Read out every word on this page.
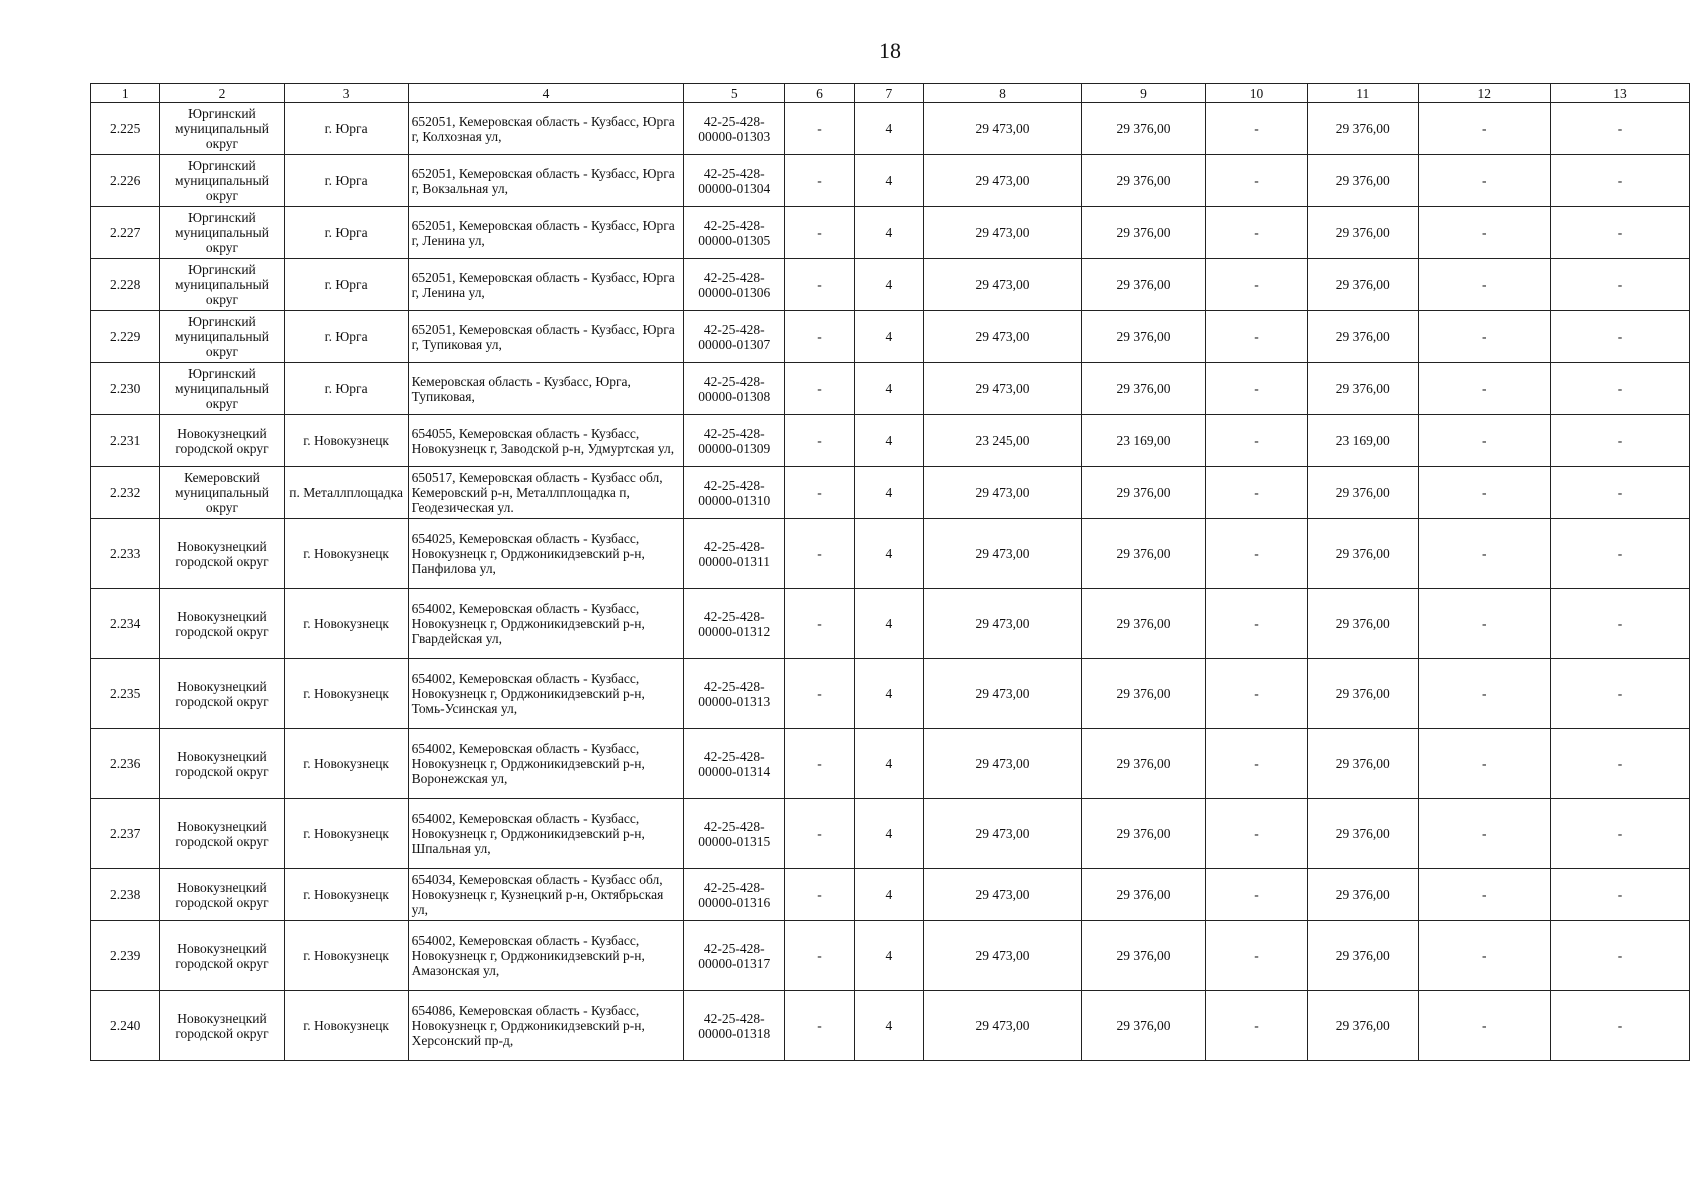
18
1	2	3	4	5	6	7	8	9	10	11	12	13
2.225	Юргинский муниципальный округ	г. Юрга	652051, Кемеровская область - Кузбасс, Юрга г, Колхозная ул,	42-25-428-00000-01303	-	4	29 473,00	29 376,00	-	29 376,00	-	-
2.226	Юргинский муниципальный округ	г. Юрга	652051, Кемеровская область - Кузбасс, Юрга г, Вокзальная ул,	42-25-428-00000-01304	-	4	29 473,00	29 376,00	-	29 376,00	-	-
2.227	Юргинский муниципальный округ	г. Юрга	652051, Кемеровская область - Кузбасс, Юрга г, Ленина ул,	42-25-428-00000-01305	-	4	29 473,00	29 376,00	-	29 376,00	-	-
2.228	Юргинский муниципальный округ	г. Юрга	652051, Кемеровская область - Кузбасс, Юрга г, Ленина ул,	42-25-428-00000-01306	-	4	29 473,00	29 376,00	-	29 376,00	-	-
2.229	Юргинский муниципальный округ	г. Юрга	652051, Кемеровская область - Кузбасс, Юрга г, Тупиковая ул,	42-25-428-00000-01307	-	4	29 473,00	29 376,00	-	29 376,00	-	-
2.230	Юргинский муниципальный округ	г. Юрга	Кемеровская область - Кузбасс, Юрга, Тупиковая,	42-25-428-00000-01308	-	4	29 473,00	29 376,00	-	29 376,00	-	-
2.231	Новокузнецкий городской округ	г. Новокузнецк	654055, Кемеровская область - Кузбасс, Новокузнецк г, Заводской р-н, Удмуртская ул,	42-25-428-00000-01309	-	4	23 245,00	23 169,00	-	23 169,00	-	-
2.232	Кемеровский муниципальный округ	п. Металлплощадка	650517, Кемеровская область - Кузбасс обл, Кемеровский р-н, Металлплощадка п, Геодезическая ул.	42-25-428-00000-01310	-	4	29 473,00	29 376,00	-	29 376,00	-	-
2.233	Новокузнецкий городской округ	г. Новокузнецк	654025, Кемеровская область - Кузбасс, Новокузнецк г, Орджоникидзевский р-н, Панфилова ул,	42-25-428-00000-01311	-	4	29 473,00	29 376,00	-	29 376,00	-	-
2.234	Новокузнецкий городской округ	г. Новокузнецк	654002, Кемеровская область - Кузбасс, Новокузнецк г, Орджоникидзевский р-н, Гвардейская ул,	42-25-428-00000-01312	-	4	29 473,00	29 376,00	-	29 376,00	-	-
2.235	Новокузнецкий городской округ	г. Новокузнецк	654002, Кемеровская область - Кузбасс, Новокузнецк г, Орджоникидзевский р-н, Томь-Усинская ул,	42-25-428-00000-01313	-	4	29 473,00	29 376,00	-	29 376,00	-	-
2.236	Новокузнецкий городской округ	г. Новокузнецк	654002, Кемеровская область - Кузбасс, Новокузнецк г, Орджоникидзевский р-н, Воронежская ул,	42-25-428-00000-01314	-	4	29 473,00	29 376,00	-	29 376,00	-	-
2.237	Новокузнецкий городской округ	г. Новокузнецк	654002, Кемеровская область - Кузбасс, Новокузнецк г, Орджоникидзевский р-н, Шпальная ул,	42-25-428-00000-01315	-	4	29 473,00	29 376,00	-	29 376,00	-	-
2.238	Новокузнецкий городской округ	г. Новокузнецк	654034, Кемеровская область - Кузбасс обл, Новокузнецк г, Кузнецкий р-н, Октябрьская ул,	42-25-428-00000-01316	-	4	29 473,00	29 376,00	-	29 376,00	-	-
2.239	Новокузнецкий городской округ	г. Новокузнецк	654002, Кемеровская область - Кузбасс, Новокузнецк г, Орджоникидзевский р-н, Амазонская ул,	42-25-428-00000-01317	-	4	29 473,00	29 376,00	-	29 376,00	-	-
2.240	Новокузнецкий городской округ	г. Новокузнецк	654086, Кемеровская область - Кузбасс, Новокузнецк г, Орджоникидзевский р-н, Херсонский пр-д,	42-25-428-00000-01318	-	4	29 473,00	29 376,00	-	29 376,00	-	-
